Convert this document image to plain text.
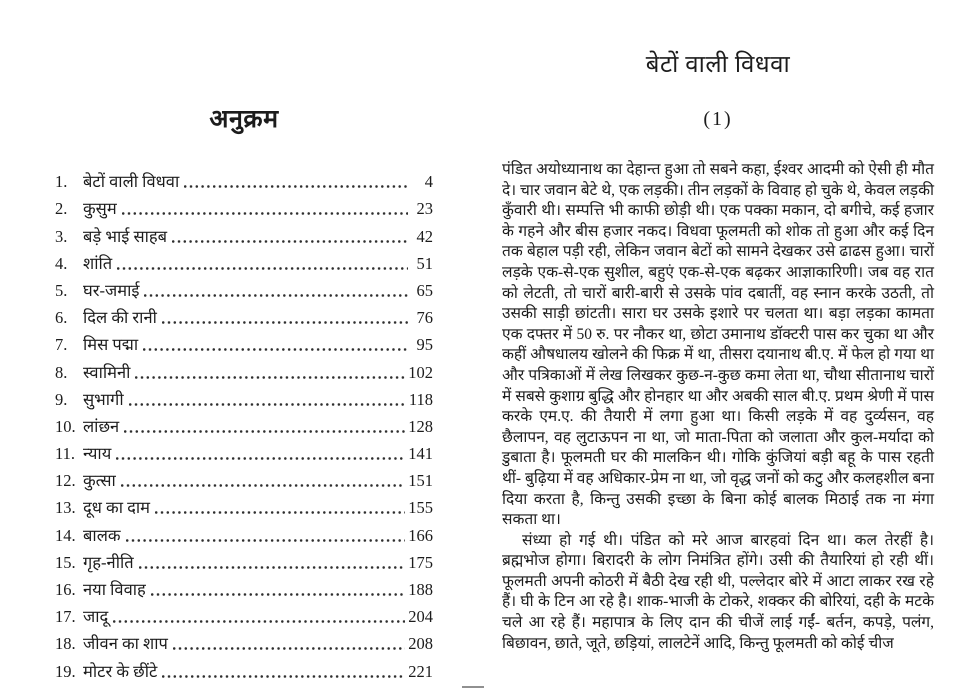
अनुक्रम
1. बेटों वाली विधवा	4
2. कुसुम	23
3. बड़े भाई साहब	42
4. शांति	51
5. घर-जमाई	65
6. दिल की रानी	76
7. मिस पद्मा	95
8. स्वामिनी	102
9. सुभागी	118
10. लांछन	128
11. न्याय	141
12. कुत्सा	151
13. दूध का दाम	155
14. बालक	166
15. गृह-नीति	175
16. नया विवाह	188
17. जादू	204
18. जीवन का शाप	208
19. मोटर के छींटे	221
बेटों वाली विधवा
(1)

पंडित अयोध्यानाथ का देहान्त हुआ तो सबने कहा, ईश्वर आदमी को ऐसी ही मौत दे। चार जवान बेटे थे, एक लड़की। तीन लड़कों के विवाह हो चुके थे, केवल लड़की कुँवारी थी। सम्पत्ति भी काफी छोड़ी थी। एक पक्का मकान, दो बगीचे, कई हजार के गहने और बीस हजार नकद। विधवा फूलमती को शोक तो हुआ और कई दिन तक बेहाल पड़ी रही, लेकिन जवान बेटों को सामने देखकर उसे ढाढस हुआ। चारों लड़के एक-से-एक सुशील, बहुएं एक-से-एक बढ़कर आज्ञाकारिणी। जब वह रात को लेटती, तो चारों बारी-बारी से उसके पांव दबातीं, वह स्नान करके उठती, तो उसकी साड़ी छांटती। सारा घर उसके इशारे पर चलता था। बड़ा लड़का कामता एक दफ्तर में 50 रु. पर नौकर था, छोटा उमानाथ डॉक्टरी पास कर चुका था और कहीं औषधालय खोलने की फिक्र में था, तीसरा दयानाथ बी.ए. में फेल हो गया था और पत्रिकाओं में लेख लिखकर कुछ-न-कुछ कमा लेता था, चौथा सीतानाथ चारों में सबसे कुशाग्र बुद्धि और होनहार था और अबकी साल बी.ए. प्रथम श्रेणी में पास करके एम.ए. की तैयारी में लगा हुआ था। किसी लड़के में वह दुर्व्यसन, वह छैलापन, वह लुटाऊपन ना था, जो माता-पिता को जलाता और कुल-मर्यादा को डुबाता है। फूलमती घर की मालकिन थी। गोकि कुंजियां बड़ी बहू के पास रहती थीं- बुढ़िया में वह अधिकार-प्रेम ना था, जो वृद्ध जनों को कटु और कलहशील बना दिया करता है, किन्तु उसकी इच्छा के बिना कोई बालक मिठाई तक ना मंगा सकता था।

संध्या हो गई थी। पंडित को मरे आज बारहवां दिन था। कल तेरहीं है। ब्रह्मभोज होगा। बिरादरी के लोग निमंत्रित होंगे। उसी की तैयारियां हो रही थीं। फूलमती अपनी कोठरी में बैठी देख रही थी, पल्लेदार बोरे में आटा लाकर रख रहे हैं। घी के टिन आ रहे है। शाक-भाजी के टोकरे, शक्कर की बोरियां, दही के मटके चले आ रहे हैं। महापात्र के लिए दान की चीजें लाई गईं- बर्तन, कपड़े, पलंग, बिछावन, छाते, जूते, छड़ियां, लालटेनें आदि, किन्तु फूलमती को कोई चीज
